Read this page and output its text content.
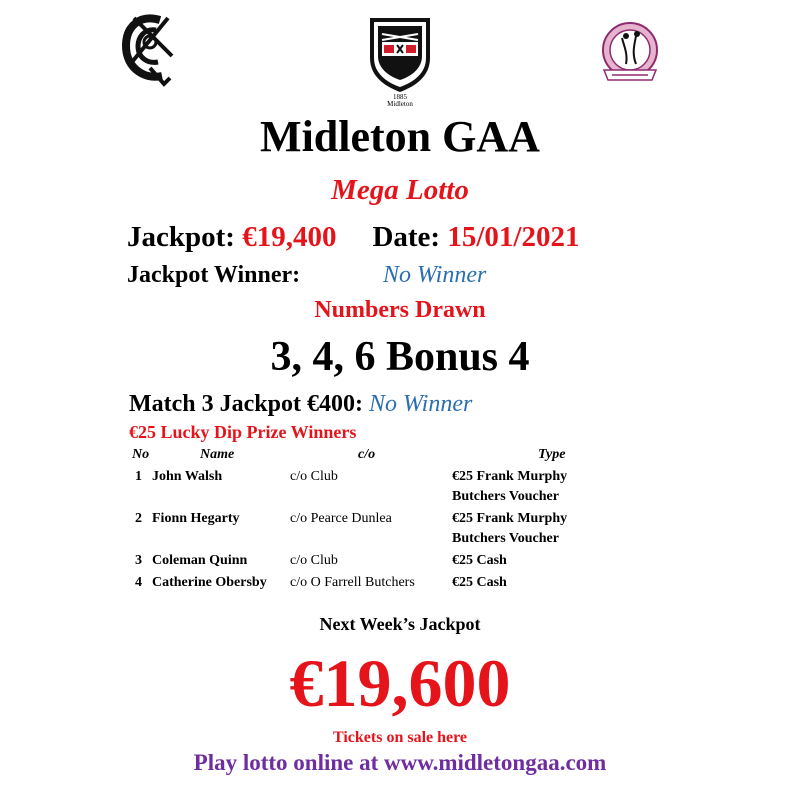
1885
Midleton
Midleton GAA
Mega Lotto
Jackpot: €19,400 Date: 15/01/2021
Jackpot Winner:	No Winner
Numbers Drawn
3, 4, 6 Bonus 4
Match 3 Jackpot €400: No Winner
€25 Lucky Dip Prize Winners
No	Name	c/o	Type
1 John Walsh	c/o Club	€25 Frank Murphy Butchers Voucher
2 Fionn Hegarty	c/o Pearce Dunlea	€25 Frank Murphy Butchers Voucher
3 Coleman Quinn	c/o Club	€25 Cash
4 Catherine Obersby c/o O Farrell Butchers	€25 Cash
Next Week’s Jackpot
€19,600
Tickets on sale here
Play lotto online at www.midletongaa.com
